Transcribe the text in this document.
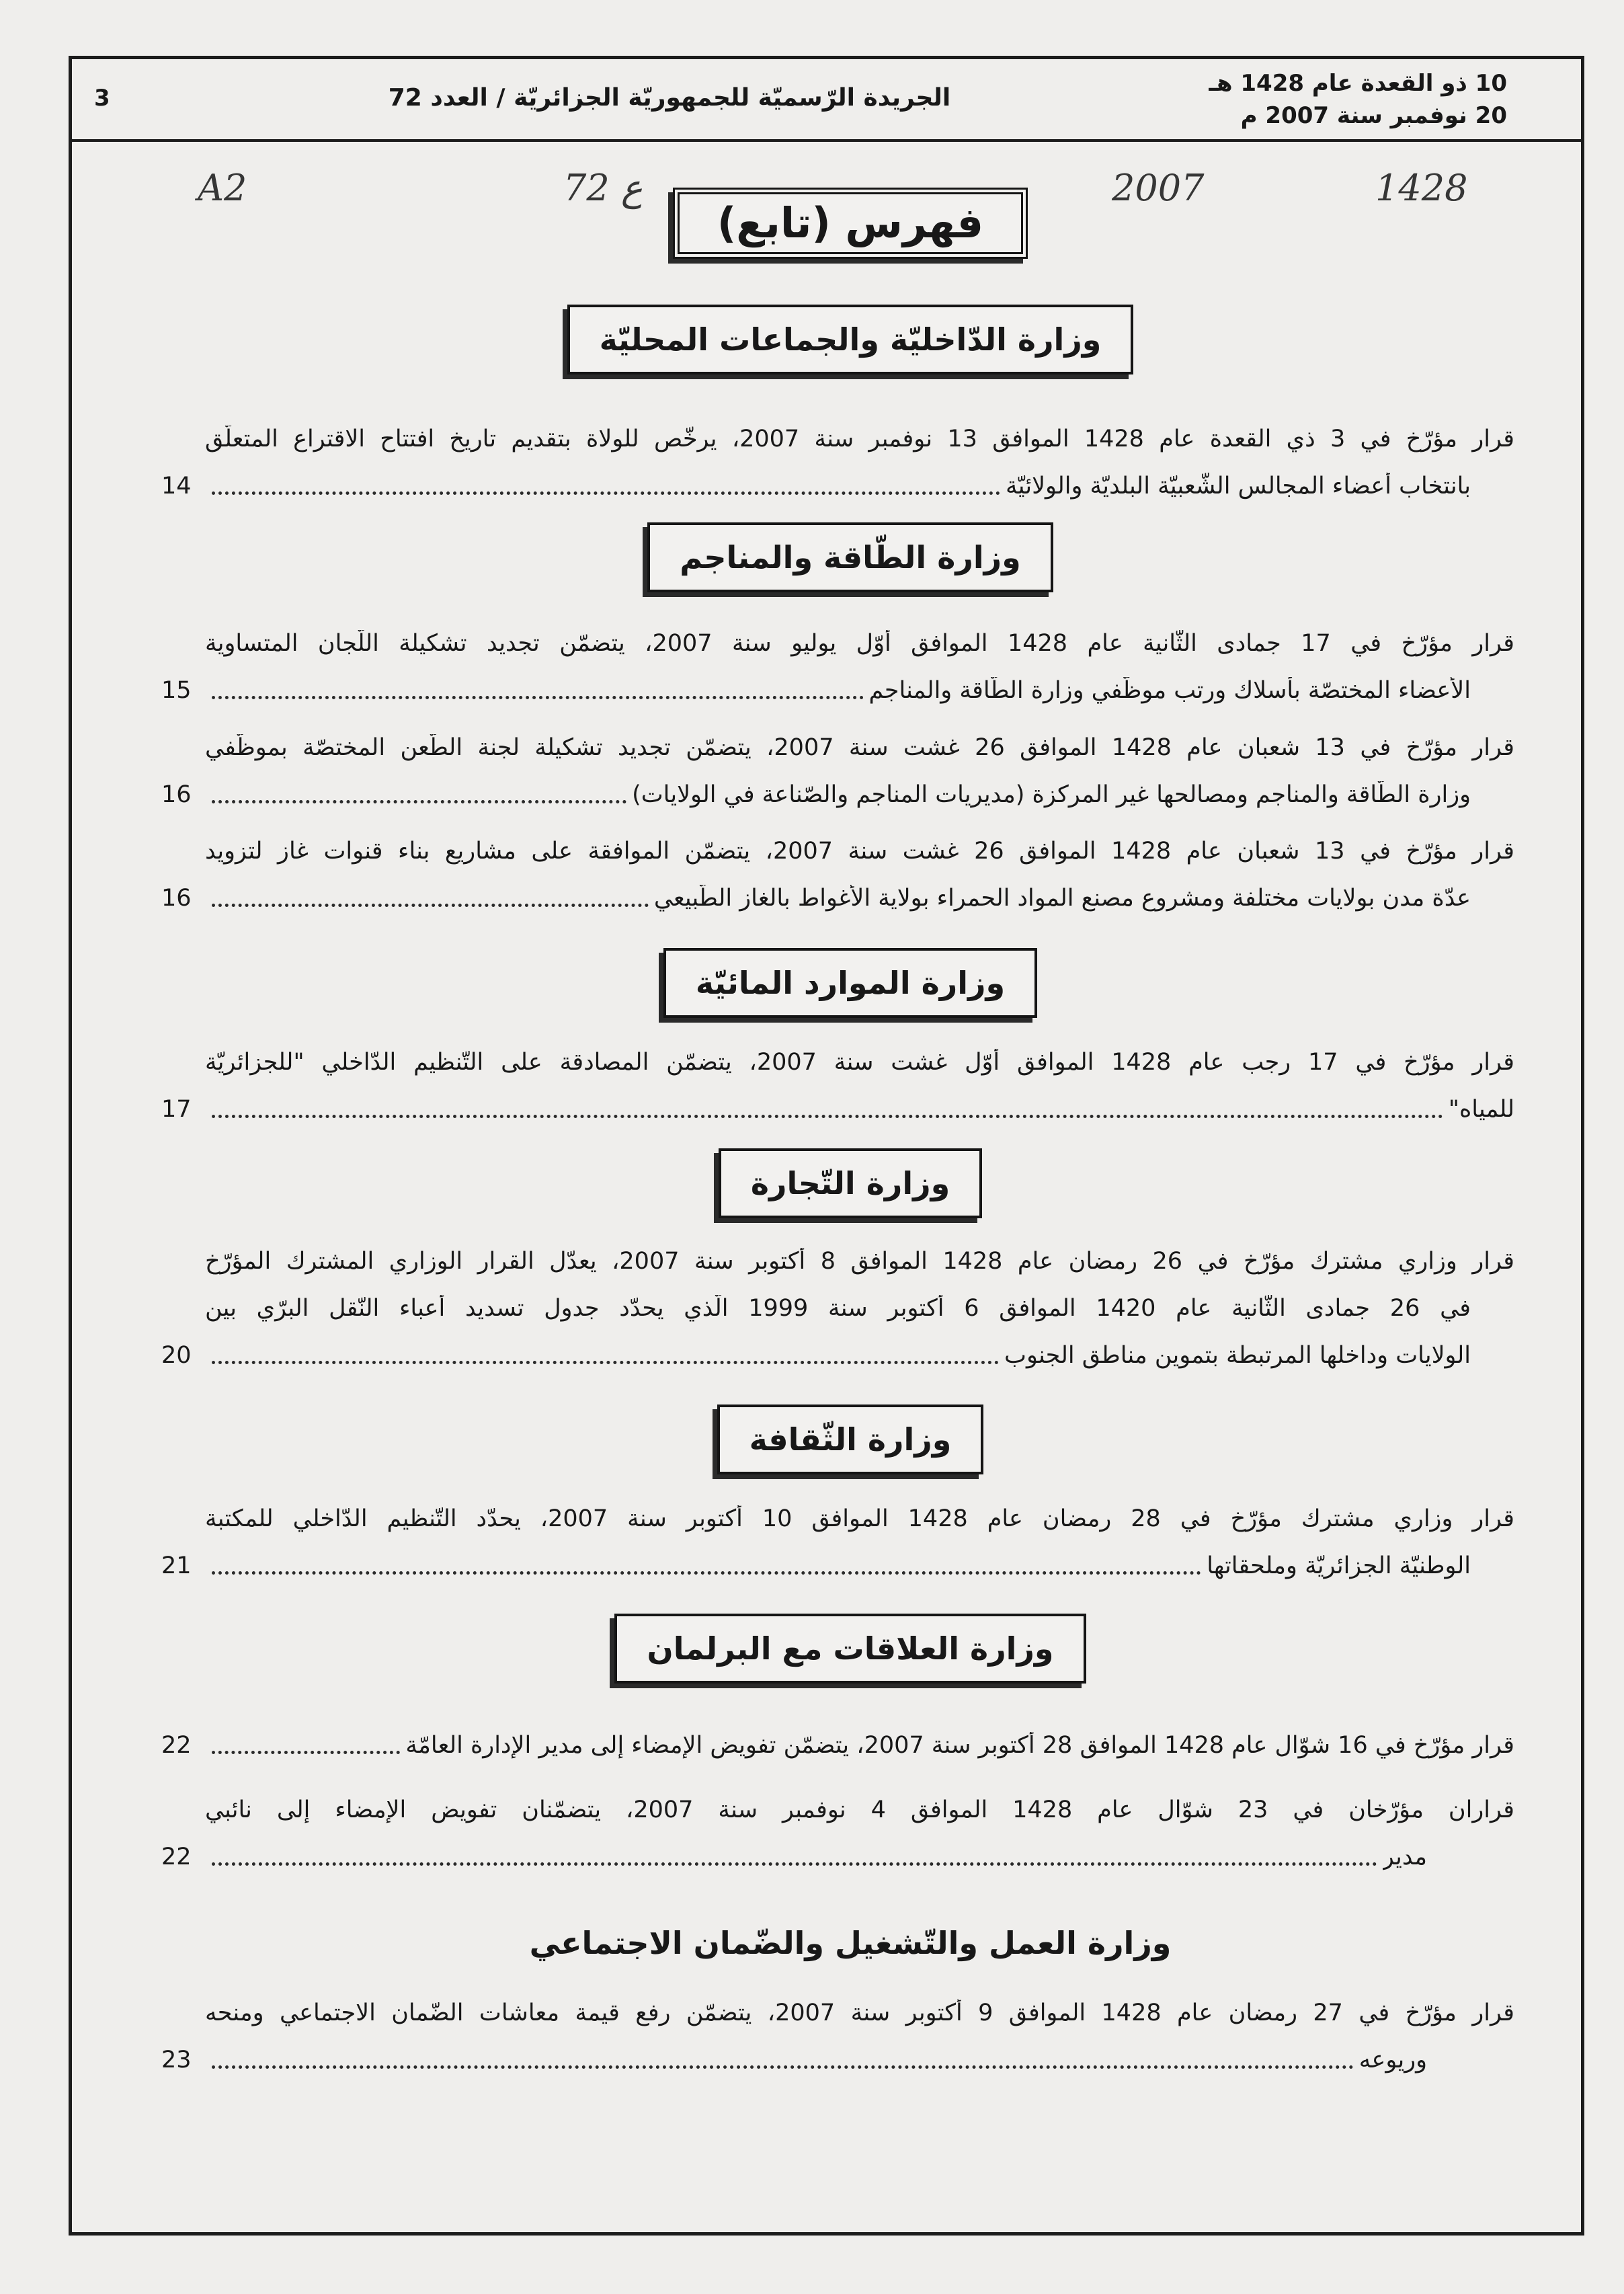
10 ذو القعدة عام 1428 هـ
20 نوفمبر سنة 2007 م
الجريدة الرّسميّة للجمهوريّة الجزائريّة / العدد 72
3
A2	72 ع	2007	1428
فهرس (تابع)
وزارة الدّاخليّة والجماعات المحليّة
قرار مؤرّخ في 3 ذي القعدة عام 1428 الموافق 13 نوفمبر سنة 2007، يرخّص للولاة بتقديم تاريخ افتتاح الاقتراع المتعلّق
بانتخاب أعضاء المجالس الشّعبيّة البلديّة والولائيّة
14
وزارة الطّاقة والمناجم
قرار مؤرّخ في 17 جمادى الثّانية عام 1428 الموافق أوّل يوليو سنة 2007، يتضمّن تجديد تشكيلة اللّجان المتساوية
الأعضاء المختصّة بأسلاك ورتب موظّفي وزارة الطّاقة والمناجم
15
قرار مؤرّخ في 13 شعبان عام 1428 الموافق 26 غشت سنة 2007، يتضمّن تجديد تشكيلة لجنة الطّعن المختصّة بموظّفي
وزارة الطّاقة والمناجم ومصالحها غير المركزة (مديريات المناجم والصّناعة في الولايات)
16
قرار مؤرّخ في 13 شعبان عام 1428 الموافق 26 غشت سنة 2007، يتضمّن الموافقة على مشاريع بناء قنوات غاز لتزويد
عدّة مدن بولايات مختلفة ومشروع مصنع المواد الحمراء بولاية الأغواط بالغاز الطّبيعي
16
وزارة الموارد المائيّة
قرار مؤرّخ في 17 رجب عام 1428 الموافق أوّل غشت سنة 2007، يتضمّن المصادقة على التّنظيم الدّاخلي "للجزائريّة
للمياه"
17
وزارة التّجارة
قرار وزاري مشترك مؤرّخ في 26 رمضان عام 1428 الموافق 8 أكتوبر سنة 2007، يعدّل القرار الوزاري المشترك المؤرّخ
في 26 جمادى الثّانية عام 1420 الموافق 6 أكتوبر سنة 1999 الّذي يحدّد جدول تسديد أعباء النّقل البرّي بين
الولايات وداخلها المرتبطة بتموين مناطق الجنوب
20
وزارة الثّقافة
قرار وزاري مشترك مؤرّخ في 28 رمضان عام 1428 الموافق 10 أكتوبر سنة 2007، يحدّد التّنظيم الدّاخلي للمكتبة
الوطنيّة الجزائريّة وملحقاتها
21
وزارة العلاقات مع البرلمان
قرار مؤرّخ في 16 شوّال عام 1428 الموافق 28 أكتوبر سنة 2007، يتضمّن تفويض الإمضاء إلى مدير الإدارة العامّة
22
قراران مؤرّخان في 23 شوّال عام 1428 الموافق 4 نوفمبر سنة 2007، يتضمّنان تفويض الإمضاء إلى نائبي
مدير
22
وزارة العمل والتّشغيل والضّمان الاجتماعي
قرار مؤرّخ في 27 رمضان عام 1428 الموافق 9 أكتوبر سنة 2007، يتضمّن رفع قيمة معاشات الضّمان الاجتماعي ومنحه
وريوعه
23
